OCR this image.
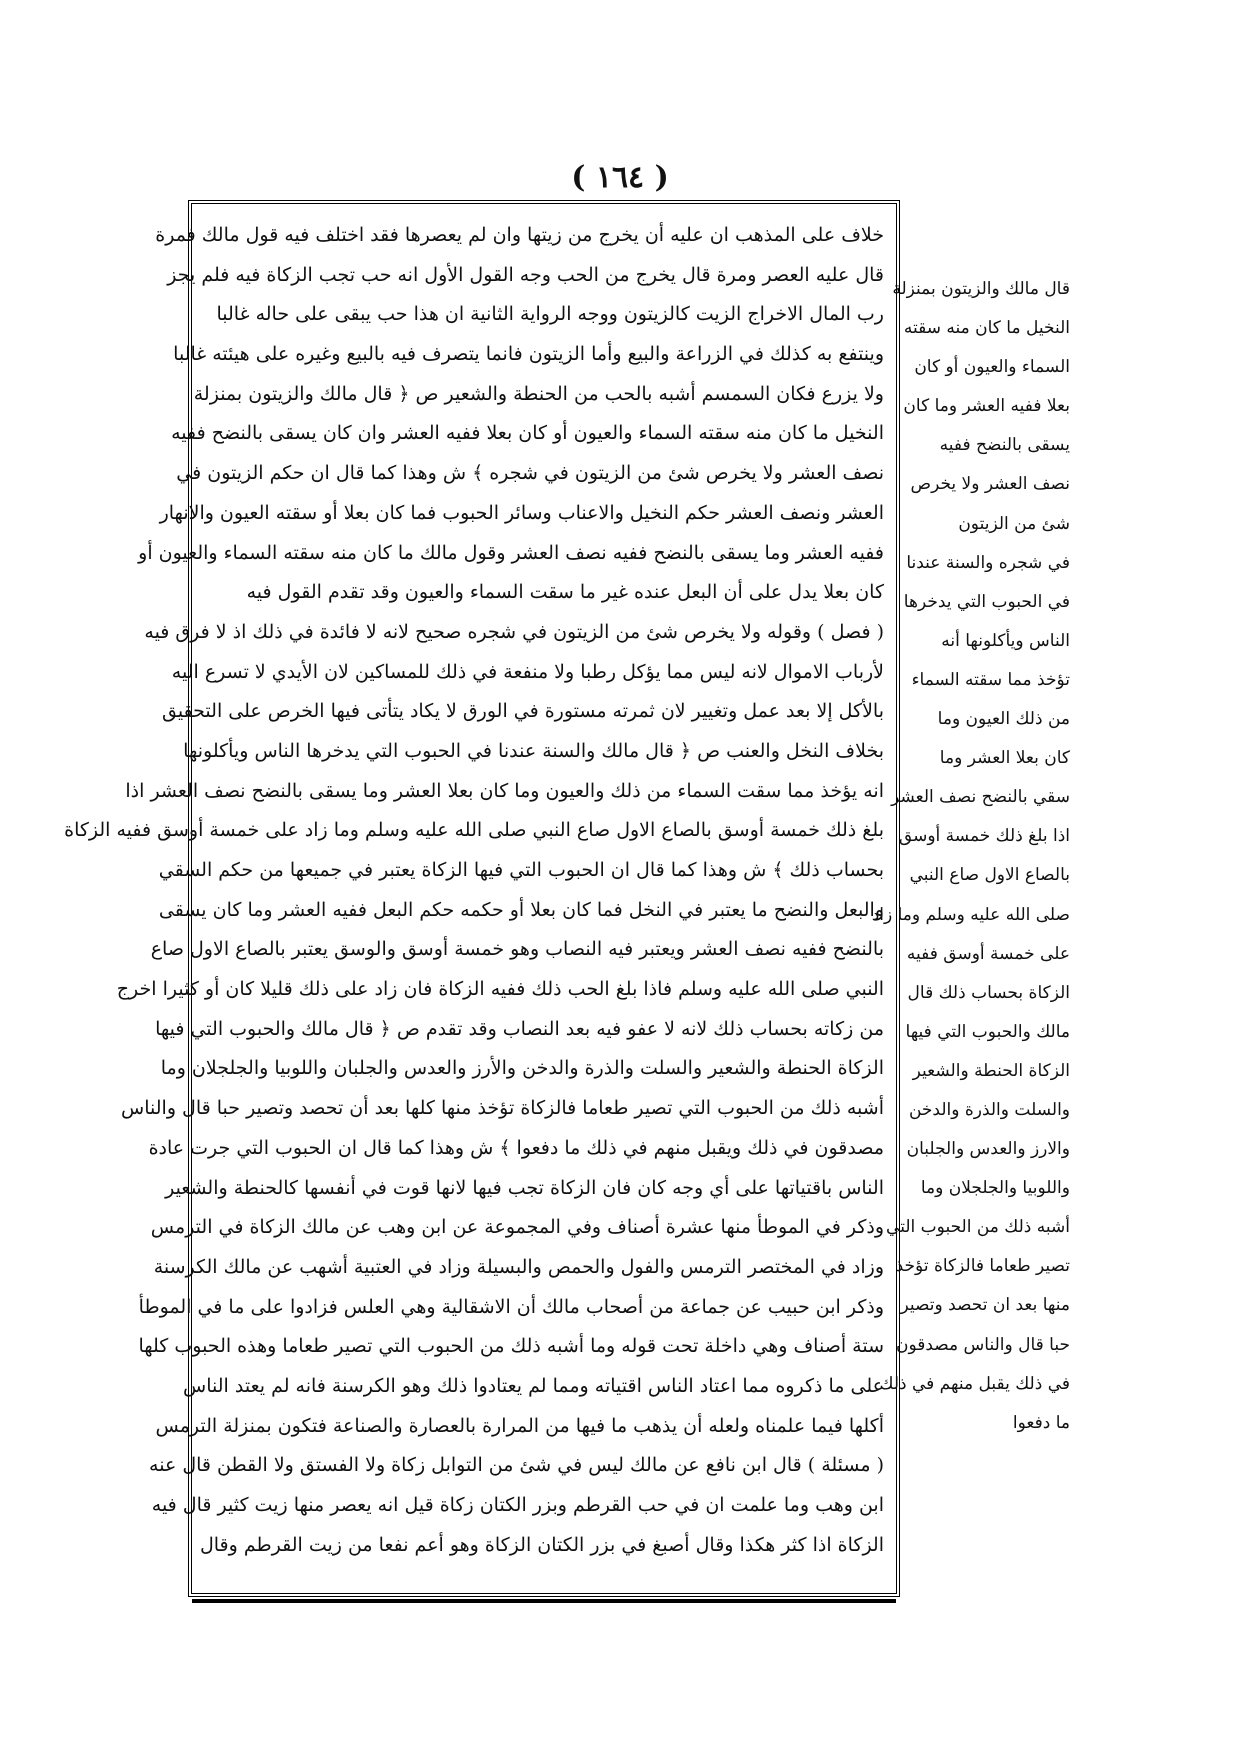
( ١٦٤ )
خلاف على المذهب ان عليه أن يخرج من زيتها وان لم يعصرها فقد اختلف فيه قول مالك فمرة
قال عليه العصر ومرة قال يخرج من الحب وجه القول الأول انه حب تجب الزكاة فيه فلم يجز
رب المال الاخراج الزيت كالزيتون ووجه الرواية الثانية ان هذا حب يبقى على حاله غالبا
وينتفع به كذلك في الزراعة والبيع وأما الزيتون فانما يتصرف فيه بالبيع وغيره على هيئته غالبا
ولا يزرع فكان السمسم أشبه بالحب من الحنطة والشعير ص ﴿ قال مالك والزيتون بمنزلة
النخيل ما كان منه سقته السماء والعيون أو كان بعلا ففيه العشر وان كان يسقى بالنضح ففيه
نصف العشر ولا يخرص شئ من الزيتون في شجره ﴾ ش وهذا كما قال ان حكم الزيتون في
العشر ونصف العشر حكم النخيل والاعناب وسائر الحبوب فما كان بعلا أو سقته العيون والانهار
ففيه العشر وما يسقى بالنضح ففيه نصف العشر وقول مالك ما كان منه سقته السماء والعيون أو
كان بعلا يدل على أن البعل عنده غير ما سقت السماء والعيون وقد تقدم القول فيه
( فصل ) وقوله ولا يخرص شئ من الزيتون في شجره صحيح لانه لا فائدة في ذلك اذ لا فرق فيه
لأرباب الاموال لانه ليس مما يؤكل رطبا ولا منفعة في ذلك للمساكين لان الأيدي لا تسرع اليه
بالأكل إلا بعد عمل وتغيير لان ثمرته مستورة في الورق لا يكاد يتأتى فيها الخرص على التحقيق
بخلاف النخل والعنب ص ﴿ قال مالك والسنة عندنا في الحبوب التي يدخرها الناس ويأكلونها
انه يؤخذ مما سقت السماء من ذلك والعيون وما كان بعلا العشر وما يسقى بالنضح نصف العشر اذا
بلغ ذلك خمسة أوسق بالصاع الاول صاع النبي صلى الله عليه وسلم وما زاد على خمسة أوسق ففيه الزكاة
بحساب ذلك ﴾ ش وهذا كما قال ان الحبوب التي فيها الزكاة يعتبر في جميعها من حكم السقي
والبعل والنضح ما يعتبر في النخل فما كان بعلا أو حكمه حكم البعل ففيه العشر وما كان يسقى
بالنضح ففيه نصف العشر ويعتبر فيه النصاب وهو خمسة أوسق والوسق يعتبر بالصاع الاول صاع
النبي صلى الله عليه وسلم فاذا بلغ الحب ذلك ففيه الزكاة فان زاد على ذلك قليلا كان أو كثيرا اخرج
من زكاته بحساب ذلك لانه لا عفو فيه بعد النصاب وقد تقدم ص ﴿ قال مالك والحبوب التي فيها
الزكاة الحنطة والشعير والسلت والذرة والدخن والأرز والعدس والجلبان واللوبيا والجلجلان وما
أشبه ذلك من الحبوب التي تصير طعاما فالزكاة تؤخذ منها كلها بعد أن تحصد وتصير حبا قال والناس
مصدقون في ذلك ويقبل منهم في ذلك ما دفعوا ﴾ ش وهذا كما قال ان الحبوب التي جرت عادة
الناس باقتياتها على أي وجه كان فان الزكاة تجب فيها لانها قوت في أنفسها كالحنطة والشعير
وذكر في الموطأ منها عشرة أصناف وفي المجموعة عن ابن وهب عن مالك الزكاة في الترمس
وزاد في المختصر الترمس والفول والحمص والبسيلة وزاد في العتبية أشهب عن مالك الكرسنة
وذكر ابن حبيب عن جماعة من أصحاب مالك أن الاشقالية وهي العلس فزادوا على ما في الموطأ
ستة أصناف وهي داخلة تحت قوله وما أشبه ذلك من الحبوب التي تصير طعاما وهذه الحبوب كلها
على ما ذكروه مما اعتاد الناس اقتياته ومما لم يعتادوا ذلك وهو الكرسنة فانه لم يعتد الناس
أكلها فيما علمناه ولعله أن يذهب ما فيها من المرارة بالعصارة والصناعة فتكون بمنزلة الترمس
( مسئلة ) قال ابن نافع عن مالك ليس في شئ من التوابل زكاة ولا الفستق ولا القطن قال عنه
ابن وهب وما علمت ان في حب القرطم وبزر الكتان زكاة قيل انه يعصر منها زيت كثير قال فيه
الزكاة اذا كثر هكذا وقال أصبغ في بزر الكتان الزكاة وهو أعم نفعا من زيت القرطم وقال
قال مالك والزيتون بمنزلة
النخيل ما كان منه سقته
السماء والعيون أو كان
بعلا ففيه العشر وما كان
يسقى بالنضح ففيه
نصف العشر ولا يخرص
شئ من الزيتون
في شجره والسنة عندنا
في الحبوب التي يدخرها
الناس ويأكلونها أنه
تؤخذ مما سقته السماء
من ذلك العيون وما
كان بعلا العشر وما
سقي بالنضح نصف العشر
اذا بلغ ذلك خمسة أوسق
بالصاع الاول صاع النبي
صلى الله عليه وسلم وما زاد
على خمسة أوسق ففيه
الزكاة بحساب ذلك قال
مالك والحبوب التي فيها
الزكاة الحنطة والشعير
والسلت والذرة والدخن
والارز والعدس والجلبان
واللوبيا والجلجلان وما
أشبه ذلك من الحبوب التي
تصير طعاما فالزكاة تؤخذ
منها بعد ان تحصد وتصير
حبا قال والناس مصدقون
في ذلك يقبل منهم في ذلك
ما دفعوا
